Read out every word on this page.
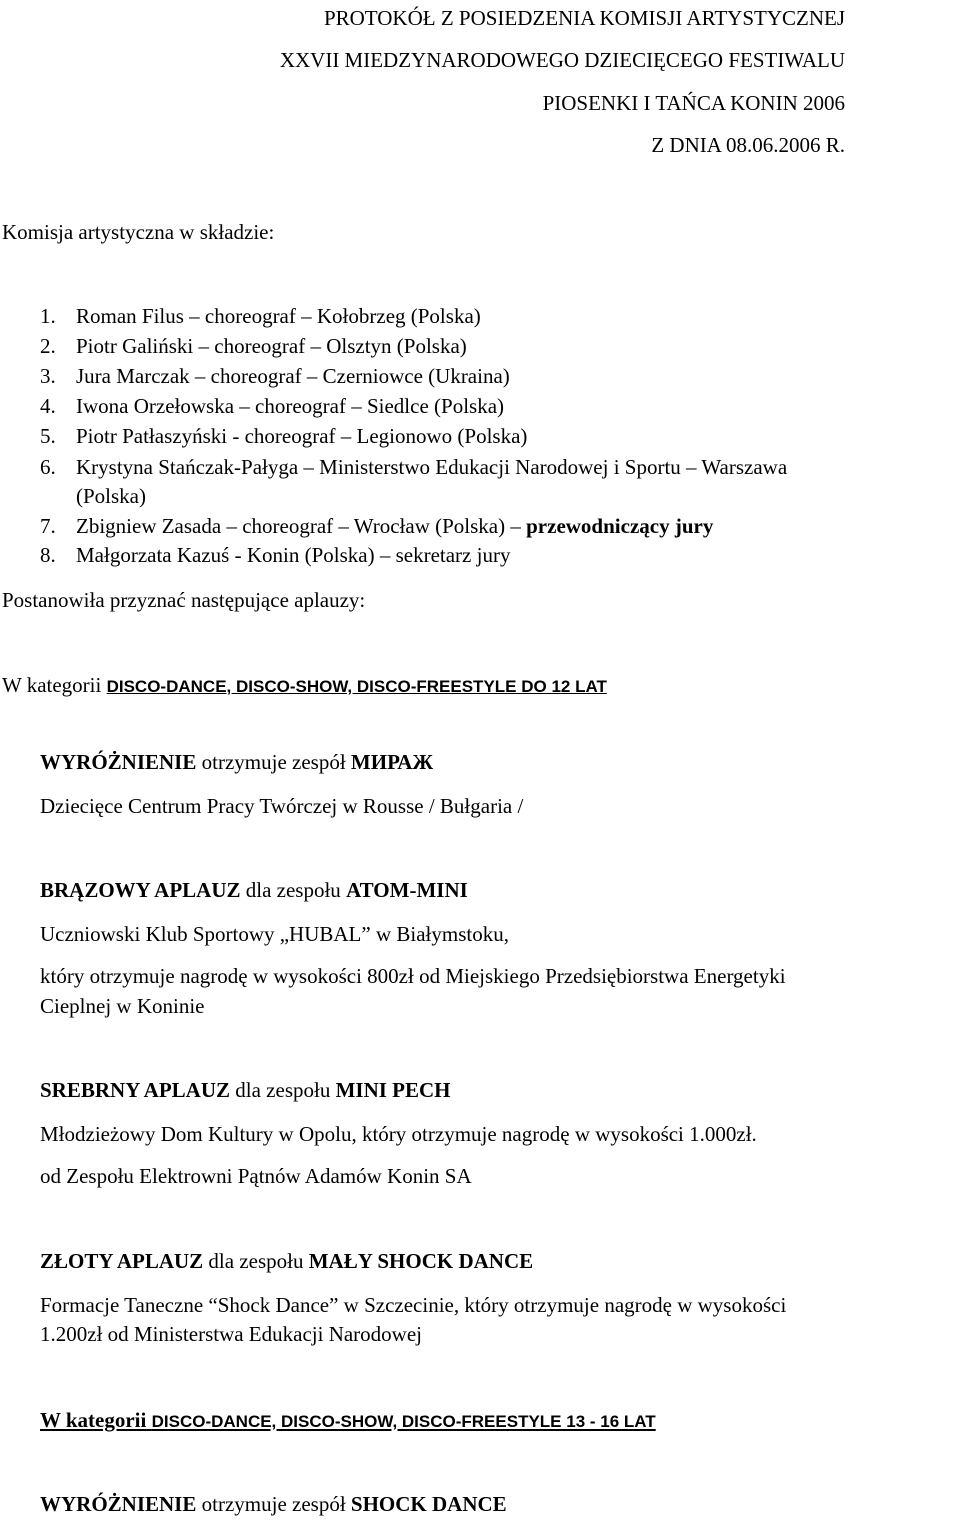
PROTOKÓŁ Z POSIEDZENIA KOMISJI ARTYSTYCZNEJ
XXVII MIEDZYNARODOWEGO DZIECIĘCEGO FESTIWALU
PIOSENKI I TAŃCA KONIN 2006
Z DNIA 08.06.2006 R.
Komisja artystyczna w składzie:
1. Roman Filus – choreograf – Kołobrzeg (Polska)
2. Piotr Galiński – choreograf – Olsztyn (Polska)
3. Jura Marczak – choreograf – Czerniowce (Ukraina)
4. Iwona Orzełowska – choreograf – Siedlce (Polska)
5. Piotr Patłaszyński - choreograf – Legionowo (Polska)
6. Krystyna Stańczak-Pałyga – Ministerstwo Edukacji Narodowej i Sportu – Warszawa
(Polska)
7. Zbigniew Zasada – choreograf – Wrocław (Polska) – przewodniczący jury
8. Małgorzata Kazuś - Konin (Polska) – sekretarz jury
Postanowiła przyznać następujące aplauzy:
W kategorii DISCO-DANCE, DISCO-SHOW, DISCO-FREESTYLE DO 12 LAT
WYRÓŻNIENIE otrzymuje zespół МИРАЖ
Dziecięce Centrum Pracy Twórczej w Rousse / Bułgaria /
BRĄZOWY APLAUZ dla zespołu ATOM-MINI
Uczniowski Klub Sportowy „HUBAL” w Białymstoku,
który otrzymuje nagrodę w wysokości 800zł od Miejskiego Przedsiębiorstwa Energetyki
Cieplnej w Koninie
SREBRNY APLAUZ dla zespołu MINI PECH
Młodzieżowy Dom Kultury w Opolu, który otrzymuje nagrodę w wysokości 1.000zł.
od Zespołu Elektrowni Pątnów Adamów Konin SA
ZŁOTY APLAUZ dla zespołu MAŁY SHOCK DANCE
Formacje Taneczne “Shock Dance” w Szczecinie, który otrzymuje nagrodę w wysokości
1.200zł od Ministerstwa Edukacji Narodowej
W kategorii DISCO-DANCE, DISCO-SHOW, DISCO-FREESTYLE 13 - 16 LAT
WYRÓŻNIENIE otrzymuje zespół SHOCK DANCE
